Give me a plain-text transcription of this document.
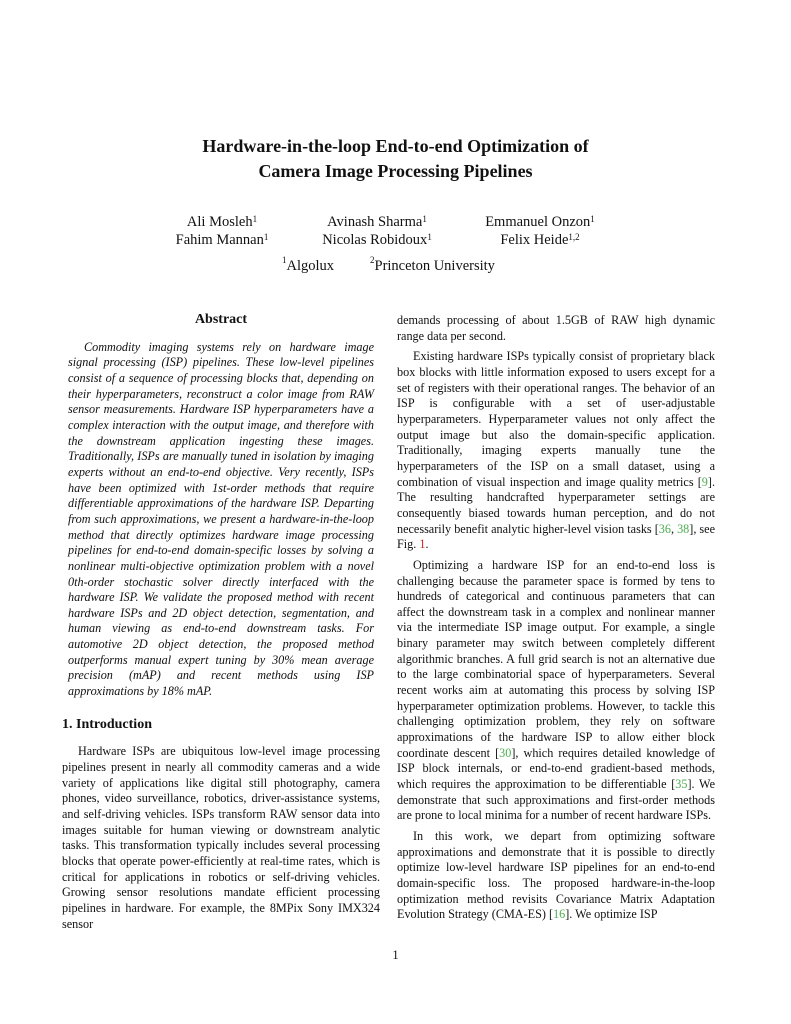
Hardware-in-the-loop End-to-end Optimization of
Camera Image Processing Pipelines
Ali Mosleh$^1$	Avinash Sharma$^1$	Emmanuel Onzon$^1$
Fahim Mannan$^1$	Nicolas Robidoux$^1$	Felix Heide$^{1,2}$
$^1$Algolux	$^2$Princeton University
Abstract

Commodity imaging systems rely on hardware image signal processing (ISP) pipelines. These low-level pipelines consist of a sequence of processing blocks that, depending on their hyperparameters, reconstruct a color image from RAW sensor measurements. Hardware ISP hyperparameters have a complex interaction with the output image, and therefore with the downstream application ingesting these images. Traditionally, ISPs are manually tuned in isolation by imaging experts without an end-to-end objective. Very recently, ISPs have been optimized with 1st-order methods that require differentiable approximations of the hardware ISP. Departing from such approximations, we present a hardware-in-the-loop method that directly optimizes hardware image processing pipelines for end-to-end domain-specific losses by solving a nonlinear multi-objective optimization problem with a novel 0th-order stochastic solver directly interfaced with the hardware ISP. We validate the proposed method with recent hardware ISPs and 2D object detection, segmentation, and human viewing as end-to-end downstream tasks. For automotive 2D object detection, the proposed method outperforms manual expert tuning by 30% mean average precision (mAP) and recent methods using ISP approximations by 18% mAP.

1. Introduction

Hardware ISPs are ubiquitous low-level image processing pipelines present in nearly all commodity cameras and a wide variety of applications like digital still photography, camera phones, video surveillance, robotics, driver-assistance systems, and self-driving vehicles. ISPs transform RAW sensor data into images suitable for human viewing or downstream analytic tasks. This transformation typically includes several processing blocks that operate power-efficiently at real-time rates, which is critical for applications in robotics or self-driving vehicles. Growing sensor resolutions mandate efficient processing pipelines in hardware. For example, the 8MPix Sony IMX324 sensor

demands processing of about 1.5GB of RAW high dynamic range data per second.

Existing hardware ISPs typically consist of proprietary black box blocks with little information exposed to users except for a set of registers with their operational ranges. The behavior of an ISP is configurable with a set of user-adjustable hyperparameters. Hyperparameter values not only affect the output image but also the domain-specific application. Traditionally, imaging experts manually tune the hyperparameters of the ISP on a small dataset, using a combination of visual inspection and image quality metrics [9]. The resulting handcrafted hyperparameter settings are consequently biased towards human perception, and do not necessarily benefit analytic higher-level vision tasks [36, 38], see Fig. 1.

Optimizing a hardware ISP for an end-to-end loss is challenging because the parameter space is formed by tens to hundreds of categorical and continuous parameters that can affect the downstream task in a complex and nonlinear manner via the intermediate ISP image output. For example, a single binary parameter may switch between completely different algorithmic branches. A full grid search is not an alternative due to the large combinatorial space of hyperparameters. Several recent works aim at automating this process by solving ISP hyperparameter optimization problems. However, to tackle this challenging optimization problem, they rely on software approximations of the hardware ISP to allow either block coordinate descent [30], which requires detailed knowledge of ISP block internals, or end-to-end gradient-based methods, which requires the approximation to be differentiable [35]. We demonstrate that such approximations and first-order methods are prone to local minima for a number of recent hardware ISPs.

In this work, we depart from optimizing software approximations and demonstrate that it is possible to directly optimize low-level hardware ISP pipelines for an end-to-end domain-specific loss. The proposed hardware-in-the-loop optimization method revisits Covariance Matrix Adaptation Evolution Strategy (CMA-ES) [16]. We optimize ISP

1
